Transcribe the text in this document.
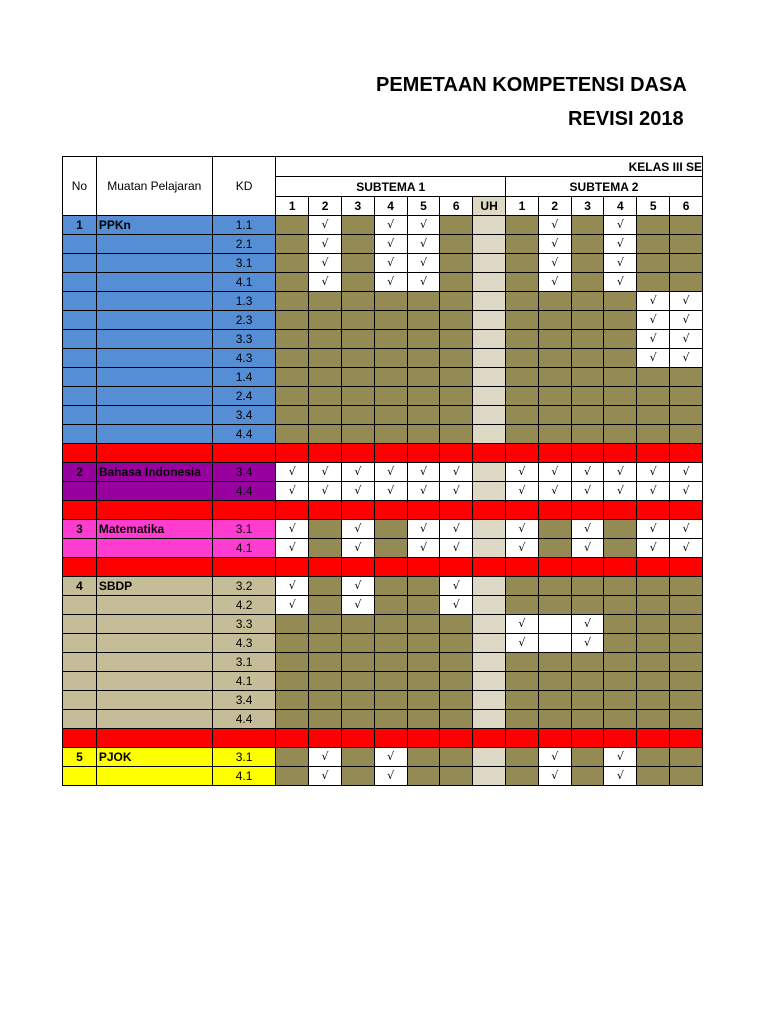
PEMETAAN KOMPETENSI DASA
REVISI 2018
No	Muatan Pelajaran	KD	KELAS III SE												
			SUBTEMA 1							SUBTEMA 2					
			1	2	3	4	5	6	UH	1	2	3	4	5	6
1	PPKn	1.1		√		√	√				√		√		
		2.1		√		√	√				√		√		
		3.1		√		√	√				√		√		
		4.1		√		√	√				√		√		
		1.3												√	√
		2.3												√	√
		3.3												√	√
		4.3												√	√
		1.4													
		2.4													
		3.4													
		4.4													

2	Bahasa Indonesia	3.4	√	√	√	√	√	√		√	√	√	√	√	√
		4.4	√	√	√	√	√	√		√	√	√	√	√	√

3	Matematika	3.1	√		√		√	√		√		√		√	√
		4.1	√		√		√	√		√		√		√	√

4	SBDP	3.2	√		√			√							
		4.2	√		√			√							
		3.3								√		√			
		4.3								√		√			
		3.1													
		4.1													
		3.4													
		4.4													

5	PJOK	3.1		√		√					√		√		
		4.1		√		√					√		√		
